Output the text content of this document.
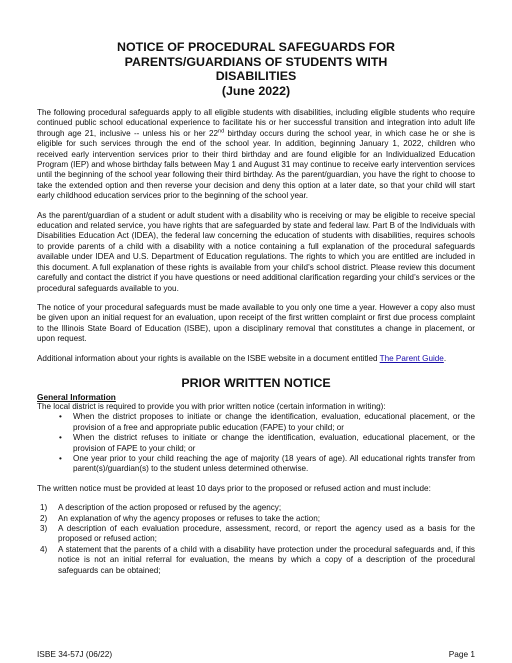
NOTICE OF PROCEDURAL SAFEGUARDS FOR
PARENTS/GUARDIANS OF STUDENTS WITH
DISABILITIES
(June 2022)

The following procedural safeguards apply to all eligible students with disabilities, including eligible students who require continued public school educational experience to facilitate his or her successful transition and integration into adult life through age 21, inclusive -- unless his or her 22nd birthday occurs during the school year, in which case he or she is eligible for such services through the end of the school year. In addition, beginning January 1, 2022, children who received early intervention services prior to their third birthday and are found eligible for an Individualized Education Program (IEP) and whose birthday falls between May 1 and August 31 may continue to receive early intervention services until the beginning of the school year following their third birthday. As the parent/guardian, you have the right to choose to take the extended option and then reverse your decision and deny this option at a later date, so that your child will start early childhood education services prior to the beginning of the school year.

As the parent/guardian of a student or adult student with a disability who is receiving or may be eligible to receive special education and related service, you have rights that are safeguarded by state and federal law. Part B of the Individuals with Disabilities Education Act (IDEA), the federal law concerning the education of students with disabilities, requires schools to provide parents of a child with a disability with a notice containing a full explanation of the procedural safeguards available under IDEA and U.S. Department of Education regulations. The rights to which you are entitled are included in this document. A full explanation of these rights is available from your child’s school district. Please review this document carefully and contact the district if you have questions or need additional clarification regarding your child’s services or the procedural safeguards available to you.

The notice of your procedural safeguards must be made available to you only one time a year. However a copy also must be given upon an initial request for an evaluation, upon receipt of the first written complaint or first due process complaint to the Illinois State Board of Education (ISBE), upon a disciplinary removal that constitutes a change in placement, or upon request.

Additional information about your rights is available on the ISBE website in a document entitled The Parent Guide.

PRIOR WRITTEN NOTICE
General Information

The local district is required to provide you with prior written notice (certain information in writing):

• When the district proposes to initiate or change the identification, evaluation, educational placement, or the provision of a free and appropriate public education (FAPE) to your child; or
• When the district refuses to initiate or change the identification, evaluation, educational placement, or the provision of FAPE to your child; or
• One year prior to your child reaching the age of majority (18 years of age). All educational rights transfer from parent(s)/guardian(s) to the student unless determined otherwise.

The written notice must be provided at least 10 days prior to the proposed or refused action and must include:

1) A description of the action proposed or refused by the agency;
2) An explanation of why the agency proposes or refuses to take the action;
3) A description of each evaluation procedure, assessment, record, or report the agency used as a basis for the proposed or refused action;
4) A statement that the parents of a child with a disability have protection under the procedural safeguards and, if this notice is not an initial referral for evaluation, the means by which a copy of a description of the procedural safeguards can be obtained;
ISBE 34-57J (06/22)	Page 1
